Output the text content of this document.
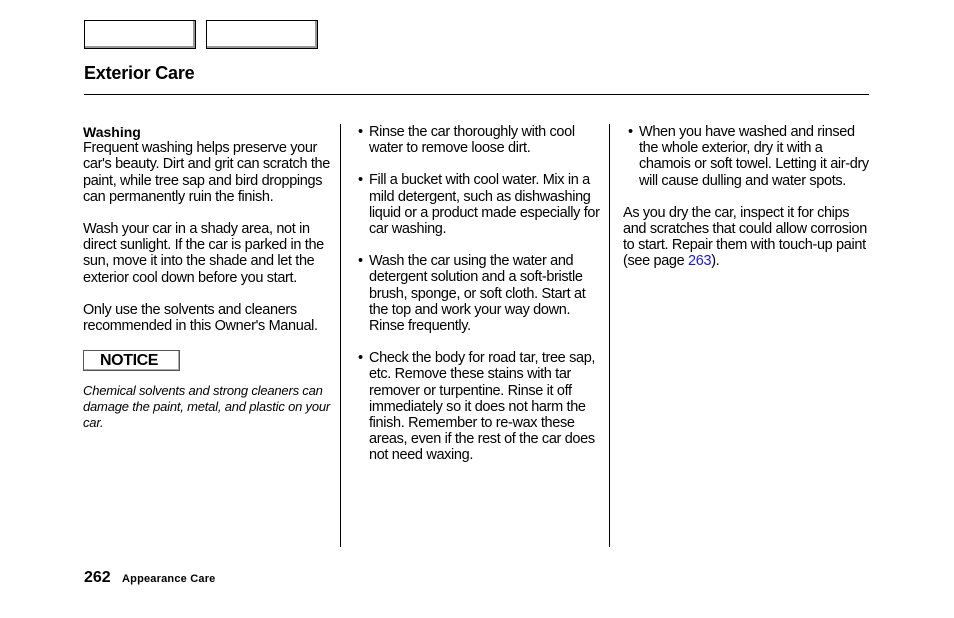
Exterior Care
Washing

Frequent washing helps preserve your car's beauty. Dirt and grit can scratch the paint, while tree sap and bird droppings can permanently ruin the finish.

Wash your car in a shady area, not in direct sunlight. If the car is parked in the sun, move it into the shade and let the exterior cool down before you start.

Only use the solvents and cleaners recommended in this Owner's Manual.

NOTICE

Chemical solvents and strong cleaners can damage the paint, metal, and plastic on your car.

• Rinse the car thoroughly with cool water to remove loose dirt.
• Fill a bucket with cool water. Mix in a mild detergent, such as dishwashing liquid or a product made especially for car washing.
• Wash the car using the water and detergent solution and a soft-bristle brush, sponge, or soft cloth. Start at the top and work your way down. Rinse frequently.
• Check the body for road tar, tree sap, etc. Remove these stains with tar remover or turpentine. Rinse it off immediately so it does not harm the finish. Remember to re-wax these areas, even if the rest of the car does not need waxing.
• When you have washed and rinsed the whole exterior, dry it with a chamois or soft towel. Letting it air-dry will cause dulling and water spots.

As you dry the car, inspect it for chips and scratches that could allow corrosion to start. Repair them with touch-up paint (see page 263).

262 Appearance Care
